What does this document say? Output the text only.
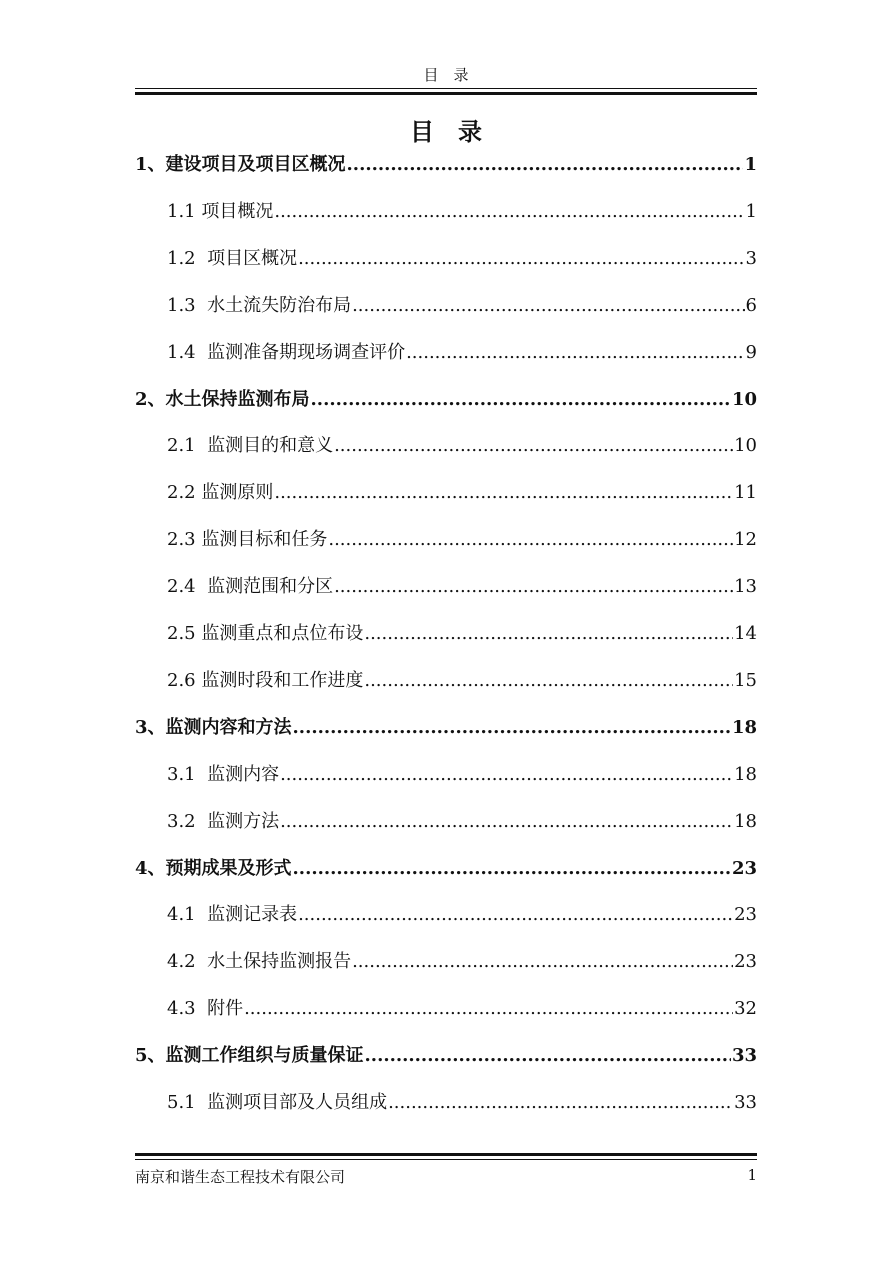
目　录
目　录
1、建设项目及项目区概况 .....	1
1.1 项目概况 .....	1
1.2  项目区概况 .....	3
1.3  水土流失防治布局 .....	6
1.4  监测准备期现场调查评价 .....	9
2、水土保持监测布局 .....	10
2.1  监测目的和意义 .....	10
2.2 监测原则 .....	11
2.3 监测目标和任务 .....	12
2.4  监测范围和分区 .....	13
2.5 监测重点和点位布设 .....	14
2.6 监测时段和工作进度 .....	15
3、监测内容和方法 .....	18
3.1  监测内容 .....	18
3.2  监测方法 .....	18
4、预期成果及形式 .....	23
4.1  监测记录表 .....	23
4.2  水土保持监测报告 .....	23
4.3  附件 .....	32
5、监测工作组织与质量保证 .....	33
5.1  监测项目部及人员组成 .....	33
南京和谐生态工程技术有限公司	1
